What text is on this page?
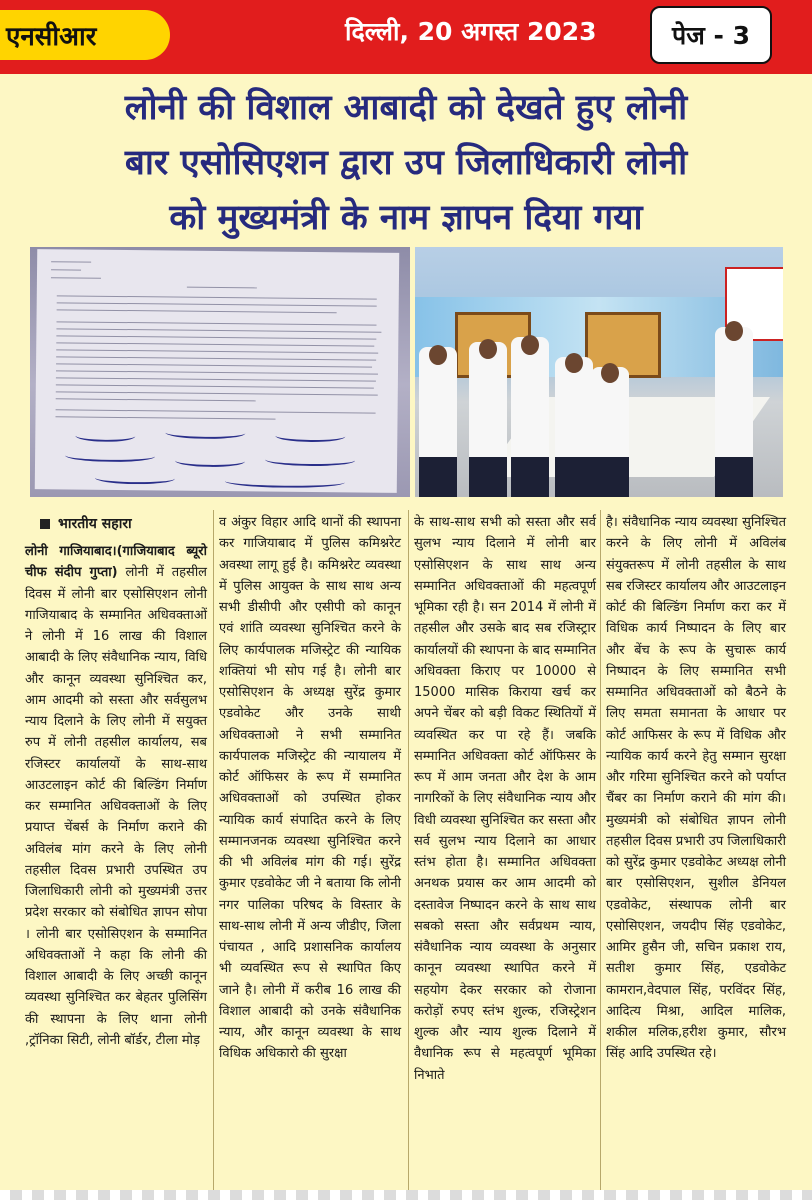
एनसीआर	दिल्ली, 20 अगस्त 2023	पेज - 3
लोनी की विशाल आबादी को देखते हुए लोनी
बार एसोसिएशन द्वारा उप जिलाधिकारी लोनी
को मुख्यमंत्री के नाम ज्ञापन दिया गया
भारतीय सहारा
लोनी गाजियाबाद।(गाजियाबाद ब्यूरो चीफ संदीप गुप्ता) लोनी में तहसील दिवस में लोनी बार एसोसिएशन लोनी गाजियाबाद के सम्मानित अधिवक्ताओं ने लोनी में 16 लाख की विशाल आबादी के लिए संवैधानिक न्याय, विधि और कानून व्यवस्था सुनिश्चित कर, आम आदमी को सस्ता और सर्वसुलभ न्याय दिलाने के लिए लोनी में सयुक्त रुप में लोनी तहसील कार्यालय, सब रजिस्टर कार्यालयों के साथ-साथ आउटलाइन कोर्ट की बिल्डिंग निर्माण कर सम्मानित अधिवक्ताओं के लिए प्रयाप्त चेंबर्स के निर्माण कराने की अविलंब मांग करने के लिए लोनी तहसील दिवस प्रभारी उपस्थित उप जिलाधिकारी लोनी को मुख्यमंत्री उत्तर प्रदेश सरकार को संबोधित ज्ञापन सोपा । लोनी बार एसोसिएशन के सम्मानित अधिवक्ताओं ने कहा कि लोनी की विशाल आबादी के लिए अच्छी कानून व्यवस्था सुनिश्चित कर बेहतर पुलिसिंग की स्थापना के लिए थाना लोनी ,ट्रॉनिका सिटी, लोनी बॉर्डर, टीला मोड़

व अंकुर विहार आदि थानों की स्थापना कर गाजियाबाद में पुलिस कमिश्नरेट अवस्था लागू हुई है। कमिश्नरेट व्यवस्था में पुलिस आयुक्त के साथ साथ अन्य सभी डीसीपी और एसीपी को कानून एवं शांति व्यवस्था सुनिश्चित करने के लिए कार्यपालक मजिस्ट्रेट की न्यायिक शक्तियां भी सोप गई है। लोनी बार एसोसिएशन के अध्यक्ष सुरेंद्र कुमार एडवोकेट और उनके साथी अधिवक्ताओ ने सभी सम्मानित कार्यपालक मजिस्ट्रेट की न्यायालय में कोर्ट ऑफिसर के रूप में सम्मानित अधिवक्ताओं को उपस्थित होकर न्यायिक कार्य संपादित करने के लिए सम्मानजनक व्यवस्था सुनिश्चित करने की भी अविलंब मांग की गई। सुरेंद्र कुमार एडवोकेट जी ने बताया कि लोनी नगर पालिका परिषद के विस्तार के साथ-साथ लोनी में अन्य जीडीए, जिला पंचायत , आदि प्रशासनिक कार्यालय भी व्यवस्थित रूप से स्थापित किए जाने है। लोनी में करीब 16 लाख की विशाल आबादी को उनके संवैधानिक न्याय, और कानून व्यवस्था के साथ विधिक अधिकारो की सुरक्षा

के साथ-साथ सभी को सस्ता और सर्व सुलभ न्याय दिलाने में लोनी बार एसोसिएशन के साथ साथ अन्य सम्मानित अधिवक्ताओं की महत्वपूर्ण भूमिका रही है। सन 2014 में लोनी में तहसील और उसके बाद सब रजिस्ट्रार कार्यालयों की स्थापना के बाद सम्मानित अधिवक्ता किराए पर 10000 से 15000 मासिक किराया खर्च कर अपने चेंबर को बड़ी विकट स्थितियों में व्यवस्थित कर पा रहे हैं। जबकि सम्मानित अधिवक्ता कोर्ट ऑफिसर के रूप में आम जनता और देश के आम नागरिकों के लिए संवैधानिक न्याय और विधी व्यवस्था सुनिश्चित कर सस्ता और सर्व सुलभ न्याय दिलाने का आधार स्तंभ होता है। सम्मानित अधिवक्ता अनथक प्रयास कर आम आदमी को दस्तावेज निष्पादन करने के साथ साथ सबको सस्ता और सर्वप्रथम न्याय, संवैधानिक न्याय व्यवस्था के अनुसार कानून व्यवस्था स्थापित करने में सहयोग देकर सरकार को रोजाना करोड़ों रुपए स्तंभ शुल्क, रजिस्ट्रेशन शुल्क और न्याय शुल्क दिलाने में वैधानिक रूप से महत्वपूर्ण भूमिका निभाते

है। संवैधानिक न्याय व्यवस्था सुनिश्चित करने के लिए लोनी में अविलंब संयुक्तरूप में लोनी तहसील के साथ सब रजिस्टर कार्यालय और आउटलाइन कोर्ट की बिल्डिंग निर्माण करा कर में विधिक कार्य निष्पादन के लिए बार और बेंच के रूप के सुचारू कार्य निष्पादन के लिए सम्मानित सभी सम्मानित अधिवक्ताओं को बैठने के लिए समता समानता के आधार पर कोर्ट आफिसर के रूप में विधिक और न्यायिक कार्य करने हेतु सम्मान सुरक्षा और गरिमा सुनिश्चित करने को पर्याप्त चैंबर का निर्माण कराने की मांग की। मुख्यमंत्री को संबोधित ज्ञापन लोनी तहसील दिवस प्रभारी उप जिलाधिकारी को सुरेंद्र कुमार एडवोकेट अध्यक्ष लोनी बार एसोसिएशन, सुशील डेनियल एडवोकेट, संस्थापक लोनी बार एसोसिएशन, जयदीप सिंह एडवोकेट, आमिर हुसैन जी, सचिन प्रकाश राय, सतीश कुमार सिंह, एडवोकेट कामरान,वेदपाल सिंह, परविंदर सिंह, आदित्य मिश्रा, आदिल मालिक, शकील मलिक,हरीश कुमार, सौरभ सिंह आदि उपस्थित रहे।
